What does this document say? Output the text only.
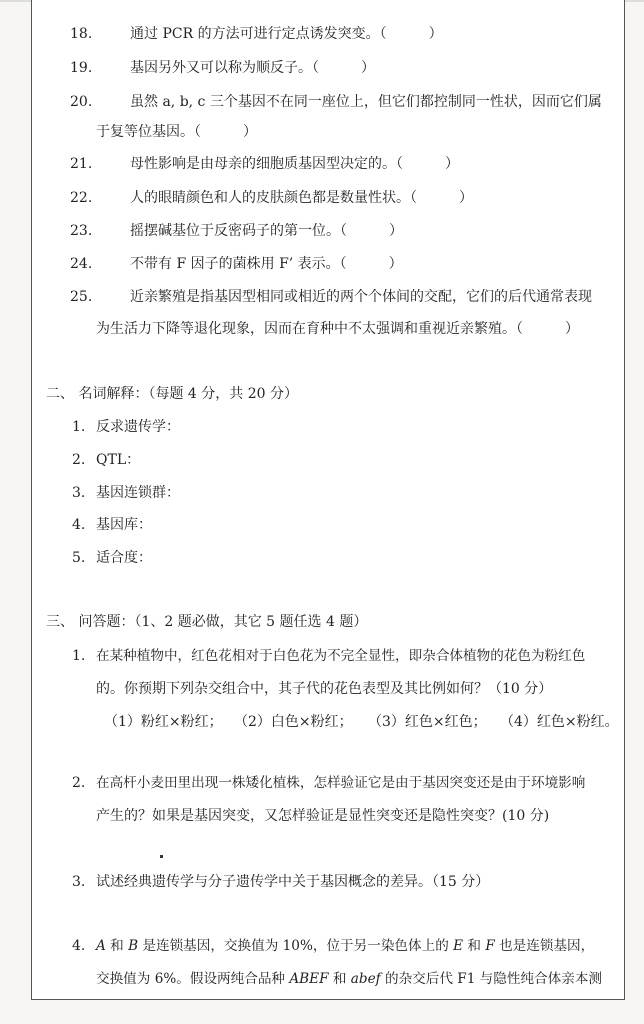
18.	通过 PCR 的方法可进行定点诱发突变。（　　　）
19.	基因另外又可以称为顺反子。（　　　）
20.	虽然 a, b, c 三个基因不在同一座位上，但它们都控制同一性状，因而它们属
于复等位基因。（　　　）
21.	母性影响是由母亲的细胞质基因型决定的。（　　　）
22.	人的眼睛颜色和人的皮肤颜色都是数量性状。（　　　）
23.	摇摆碱基位于反密码子的第一位。（　　　）
24.	不带有 F 因子的菌株用 F’ 表示。（　　　）
25.	近亲繁殖是指基因型相同或相近的两个个体间的交配，它们的后代通常表现
为生活力下降等退化现象，因而在育种中不太强调和重视近亲繁殖。（　　　）
二、 名词解释：（每题 4 分，共 20 分）
1. 反求遗传学：
2. QTL：
3. 基因连锁群：
4. 基因库：
5. 适合度：
三、 问答题：（1、2 题必做，其它 5 题任选 4 题）
1. 在某种植物中，红色花相对于白色花为不完全显性，即杂合体植物的花色为粉红色
的。你预期下列杂交组合中，其子代的花色表型及其比例如何？（10 分）
（1）粉红×粉红； （2）白色×粉红； （3）红色×红色； （4）红色×粉红。
2. 在高杆小麦田里出现一株矮化植株，怎样验证它是由于基因突变还是由于环境影响
产生的？如果是基因突变，又怎样验证是显性突变还是隐性突变？(10 分)
3. 试述经典遗传学与分子遗传学中关于基因概念的差异。（15 分）
4. A 和 B 是连锁基因，交换值为 10%，位于另一染色体上的 E 和 F 也是连锁基因，
交换值为 6%。假设两纯合品种 ABEF 和 abef 的杂交后代 F1 与隐性纯合体亲本测
